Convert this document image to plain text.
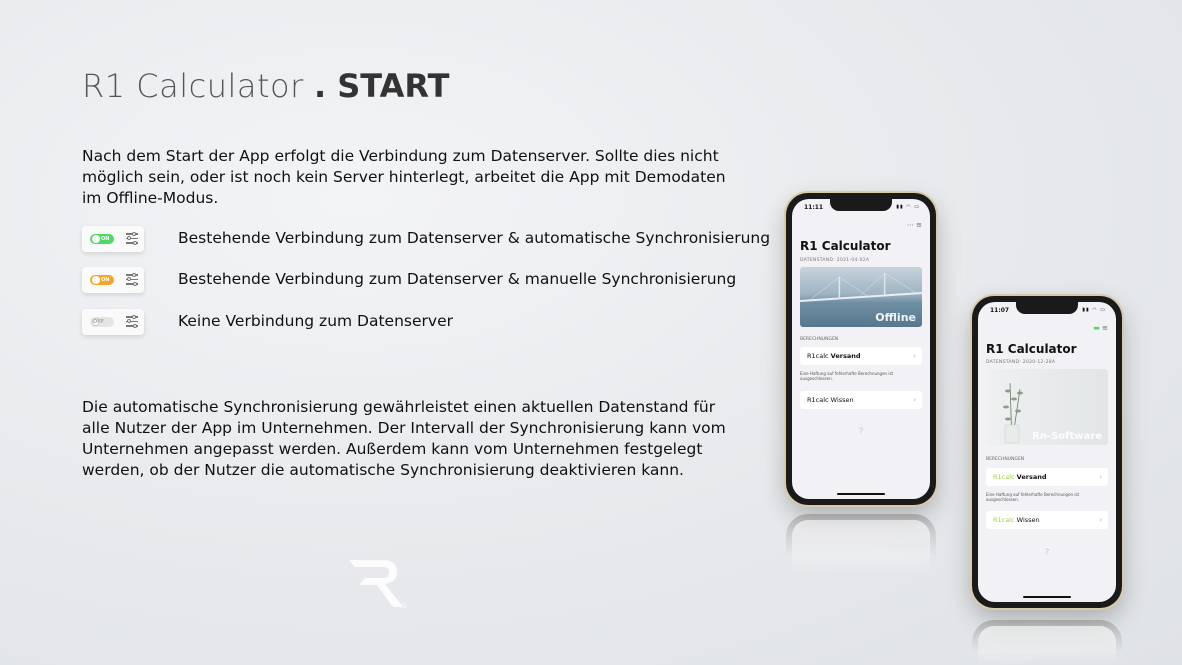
R1 Calculator . START
Nach dem Start der App erfolgt die Verbindung zum Datenserver. Sollte dies nicht möglich sein, oder ist noch kein Server hinterlegt, arbeitet die App mit Demodaten im Offline-Modus.
ON	Bestehende Verbindung zum Datenserver & automatische Synchronisierung
ON	Bestehende Verbindung zum Datenserver & manuelle Synchronisierung
OFF	Keine Verbindung zum Datenserver
Die automatische Synchronisierung gewährleistet einen aktuellen Datenstand für alle Nutzer der App im Unternehmen. Der Intervall der Synchronisierung kann vom Unternehmen angepasst werden. Außerdem kann vom Unternehmen festgelegt werden, ob der Nutzer die automatische Synchronisierung deaktivieren kann.
n
11:11	▮▮ ◠ ▭
⋯ ≡
R1 Calculator
DATENSTAND: 2021-04-02A
Offline
BERECHNUNGEN
R1calc
Versand	›
Eine Haftung auf fehlerhafte Berechnungen ist ausgeschlossen.
R1calc
Wissen	›
?
11:07	▮▮ ◠ ▭
▬ ≡
R1 Calculator
DATENSTAND: 2020-12-28A
Rn-Software
BERECHNUNGEN
R1calc
Versand	›
Eine Haftung auf fehlerhafte Berechnungen ist ausgeschlossen.
R1calc
Wissen	›
?
